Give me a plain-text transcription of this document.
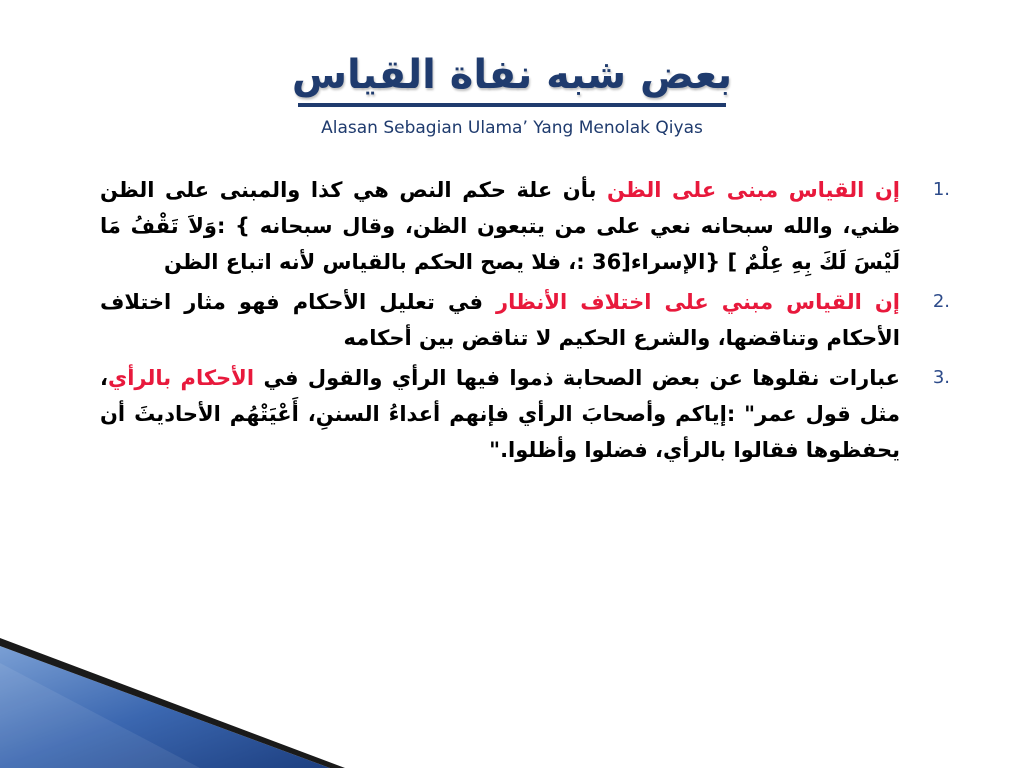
بعض شبه نفاة القياس
Alasan Sebagian Ulama’ Yang Menolak Qiyas
1.
إن القياس مبنى على الظن بأن علة حكم النص هي كذا والمبنى على الظن ظني، والله سبحانه نعي على من يتبعون الظن، وقال سبحانه } :وَلاَ تَقْفُ مَا لَيْسَ لَكَ بِهِ عِلْمٌ ] {الإسراء[36 :، فلا يصح الحكم بالقياس لأنه اتباع الظن
2.
إن القياس مبني على اختلاف الأنظار في تعليل الأحكام فهو مثار اختلاف الأحكام وتناقضها، والشرع الحكيم لا تناقض بين أحكامه
3.
عبارات نقلوها عن بعض الصحابة ذموا فيها الرأي والقول في الأحكام بالرأي، مثل قول عمر" :إياكم وأصحابَ الرأي فإنهم أعداءُ السننِ، أَعْيَتْهُم الأحاديثَ أن يحفظوها فقالوا بالرأي، فضلوا وأظلوا."
